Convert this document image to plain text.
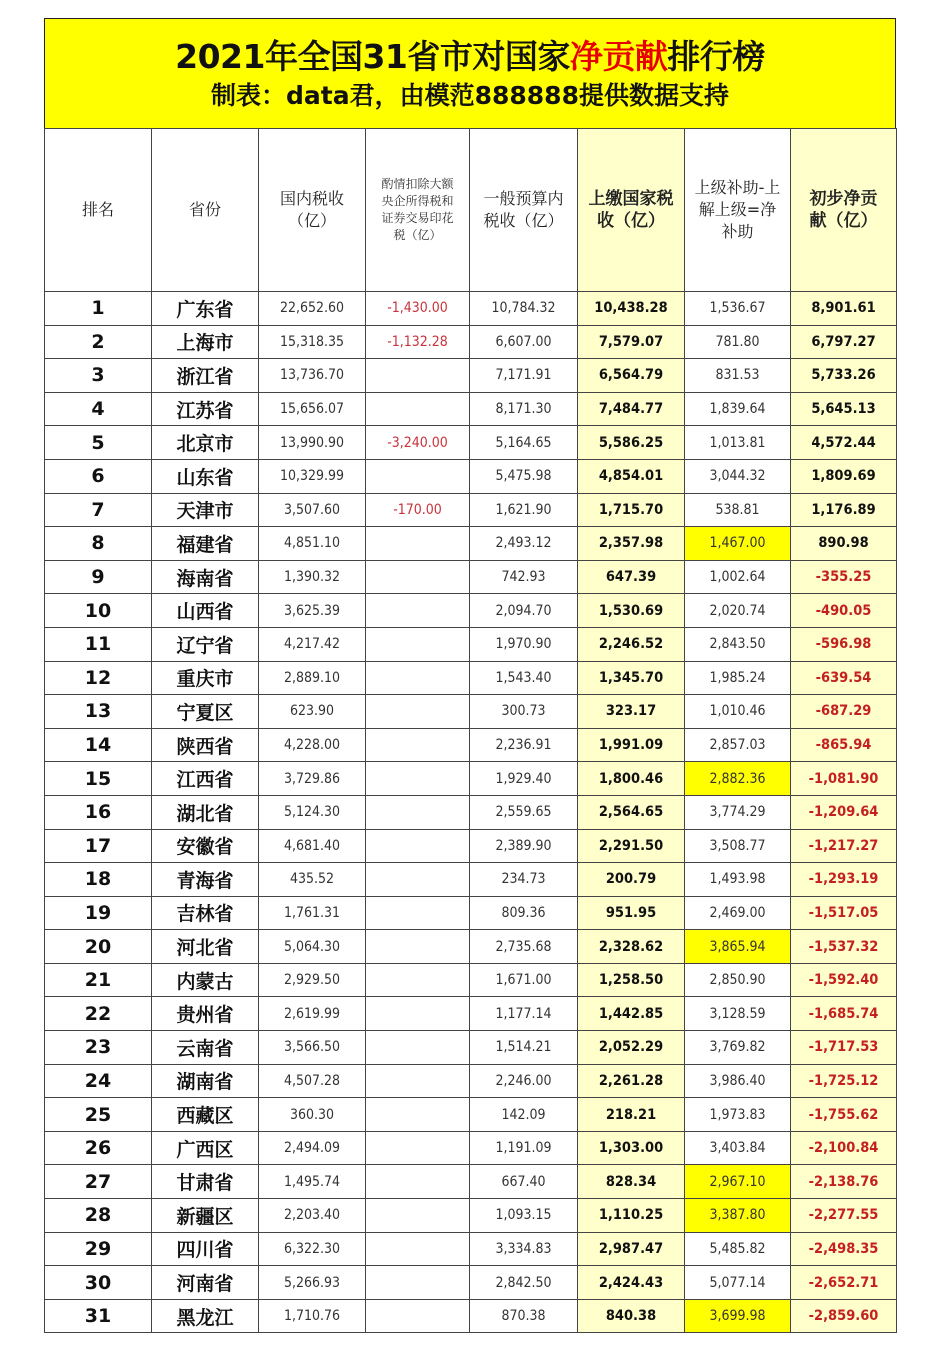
2021年全国31省市对国家净贡献排行榜
制表：data君，由模范888888提供数据支持
排名	省份	国内税收（亿）	酌情扣除大额央企所得税和证券交易印花税（亿）	一般预算内税收（亿）	上缴国家税收（亿）	上级补助-上解上级=净补助	初步净贡献（亿）

1	广东省	22,652.60	-1,430.00	10,784.32	10,438.28	1,536.67	8,901.61
2	上海市	15,318.35	-1,132.28	6,607.00	7,579.07	781.80	6,797.27
3	浙江省	13,736.70		7,171.91	6,564.79	831.53	5,733.26
4	江苏省	15,656.07		8,171.30	7,484.77	1,839.64	5,645.13
5	北京市	13,990.90	-3,240.00	5,164.65	5,586.25	1,013.81	4,572.44
6	山东省	10,329.99		5,475.98	4,854.01	3,044.32	1,809.69
7	天津市	3,507.60	-170.00	1,621.90	1,715.70	538.81	1,176.89
8	福建省	4,851.10		2,493.12	2,357.98	1,467.00	890.98
9	海南省	1,390.32		742.93	647.39	1,002.64	-355.25
10	山西省	3,625.39		2,094.70	1,530.69	2,020.74	-490.05
11	辽宁省	4,217.42		1,970.90	2,246.52	2,843.50	-596.98
12	重庆市	2,889.10		1,543.40	1,345.70	1,985.24	-639.54
13	宁夏区	623.90		300.73	323.17	1,010.46	-687.29
14	陕西省	4,228.00		2,236.91	1,991.09	2,857.03	-865.94
15	江西省	3,729.86		1,929.40	1,800.46	2,882.36	-1,081.90
16	湖北省	5,124.30		2,559.65	2,564.65	3,774.29	-1,209.64
17	安徽省	4,681.40		2,389.90	2,291.50	3,508.77	-1,217.27
18	青海省	435.52		234.73	200.79	1,493.98	-1,293.19
19	吉林省	1,761.31		809.36	951.95	2,469.00	-1,517.05
20	河北省	5,064.30		2,735.68	2,328.62	3,865.94	-1,537.32
21	内蒙古	2,929.50		1,671.00	1,258.50	2,850.90	-1,592.40
22	贵州省	2,619.99		1,177.14	1,442.85	3,128.59	-1,685.74
23	云南省	3,566.50		1,514.21	2,052.29	3,769.82	-1,717.53
24	湖南省	4,507.28		2,246.00	2,261.28	3,986.40	-1,725.12
25	西藏区	360.30		142.09	218.21	1,973.83	-1,755.62
26	广西区	2,494.09		1,191.09	1,303.00	3,403.84	-2,100.84
27	甘肃省	1,495.74		667.40	828.34	2,967.10	-2,138.76
28	新疆区	2,203.40		1,093.15	1,110.25	3,387.80	-2,277.55
29	四川省	6,322.30		3,334.83	2,987.47	5,485.82	-2,498.35
30	河南省	5,266.93		2,842.50	2,424.43	5,077.14	-2,652.71
31	黑龙江	1,710.76		870.38	840.38	3,699.98	-2,859.60
